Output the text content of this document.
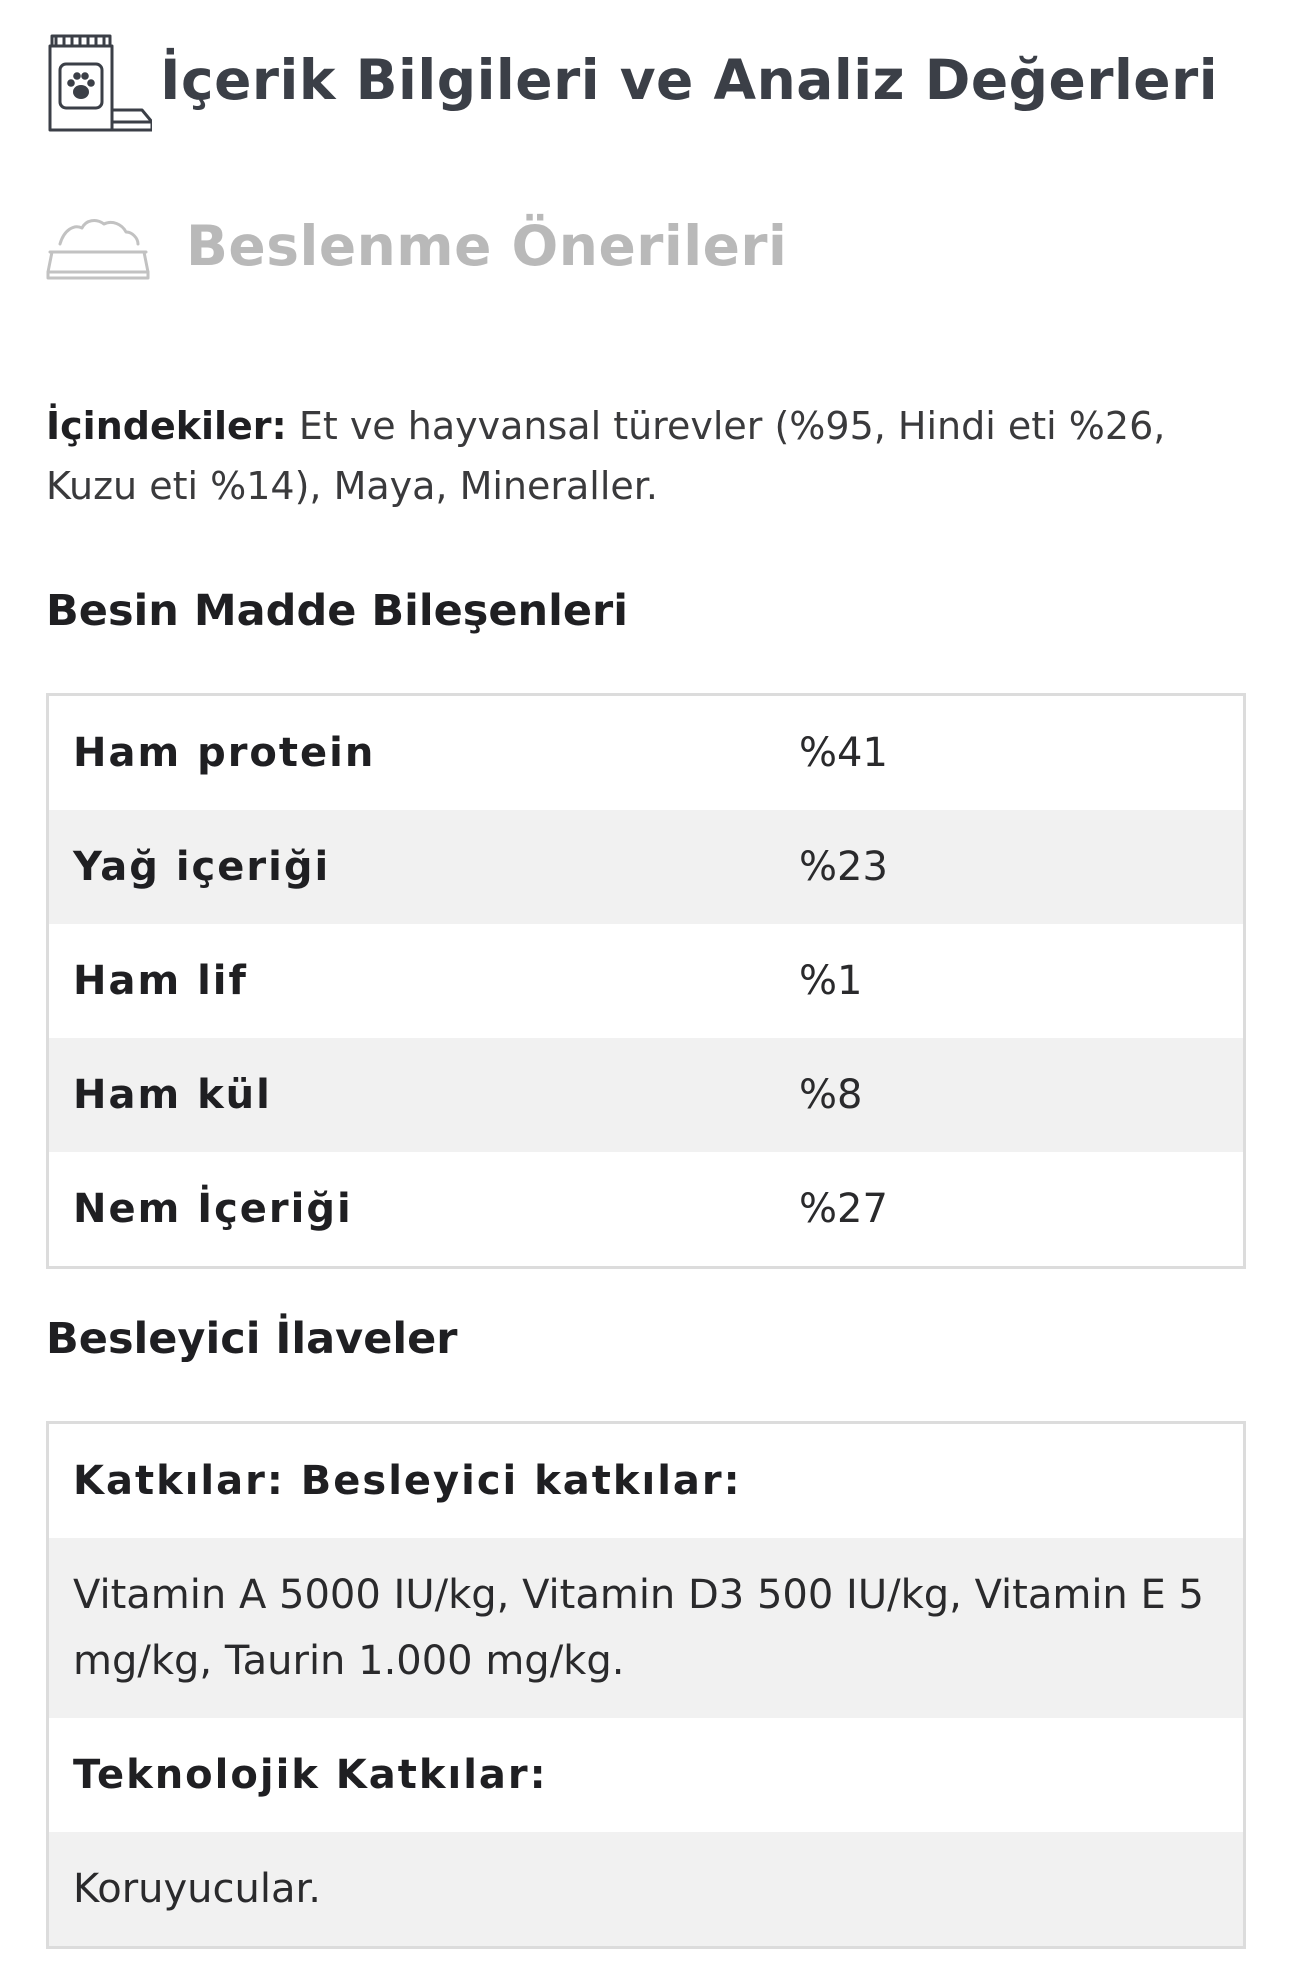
İçerik Bilgileri ve Analiz Değerleri
Beslenme Önerileri

İçindekiler: Et ve hayvansal türevler (%95, Hindi eti %26, Kuzu eti %14), Maya, Mineraller.

Besin Madde Bileşenleri
Ham protein	%41
Yağ içeriği	%23
Ham lif	%1
Ham kül	%8
Nem İçeriği	%27
Besleyici İlaveler
Katkılar: Besleyici katkılar:
Vitamin A 5000 IU/kg, Vitamin D3 500 IU/kg, Vitamin E 5 mg/kg, Taurin 1.000 mg/kg.
Teknolojik Katkılar:
Koruyucular.
